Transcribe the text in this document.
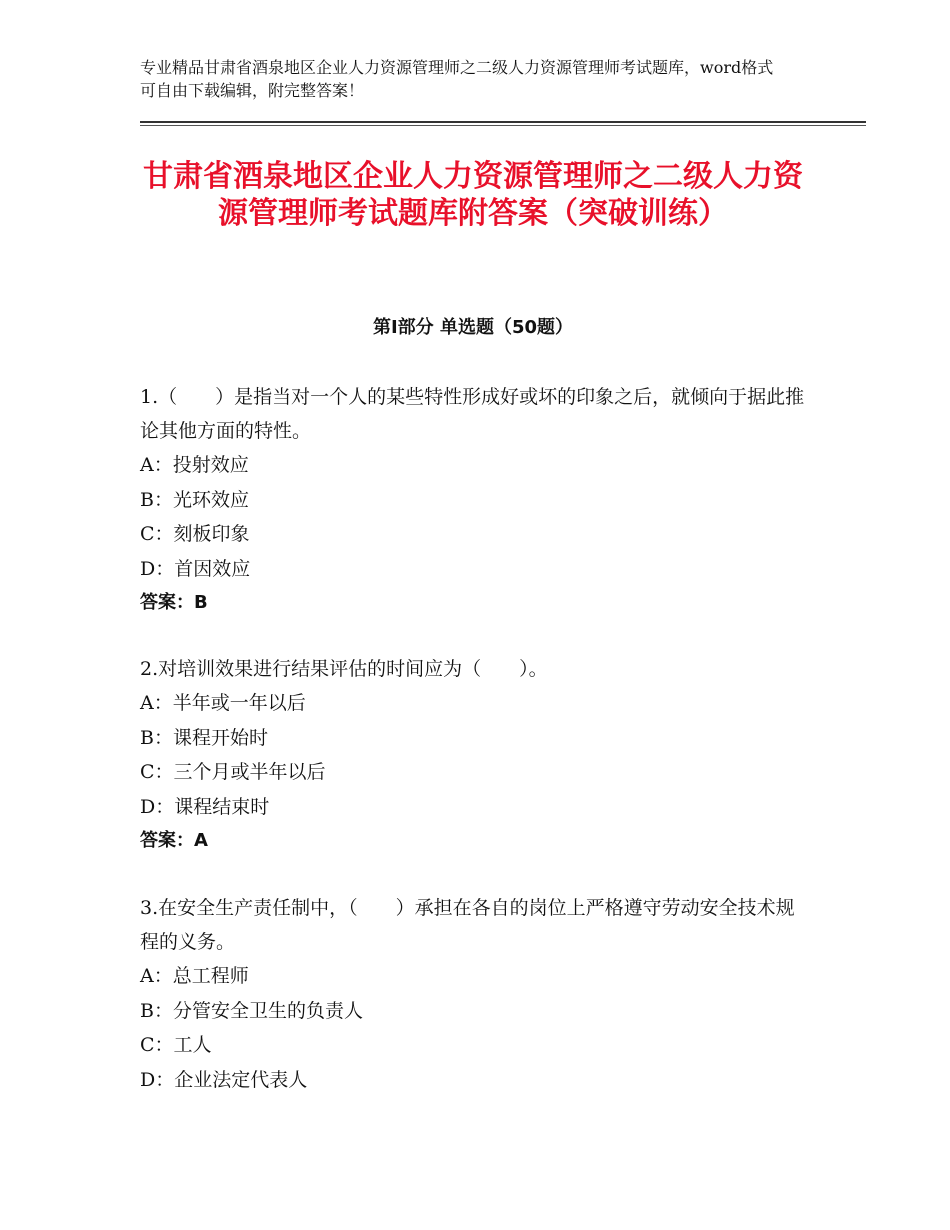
专业精品甘肃省酒泉地区企业人力资源管理师之二级人力资源管理师考试题库，word格式可自由下载编辑，附完整答案！
甘肃省酒泉地区企业人力资源管理师之二级人力资源管理师考试题库附答案（突破训练）
第Ⅰ部分 单选题（50题）

1.（　　）是指当对一个人的某些特性形成好或坏的印象之后，就倾向于据此推论其他方面的特性。

A：投射效应

B：光环效应

C：刻板印象

D：首因效应

答案：B

2.对培训效果进行结果评估的时间应为（　　）。

A：半年或一年以后

B：课程开始时

C：三个月或半年以后

D：课程结束时

答案：A

3.在安全生产责任制中，（　　）承担在各自的岗位上严格遵守劳动安全技术规程的义务。

A：总工程师

B：分管安全卫生的负责人

C：工人

D：企业法定代表人
